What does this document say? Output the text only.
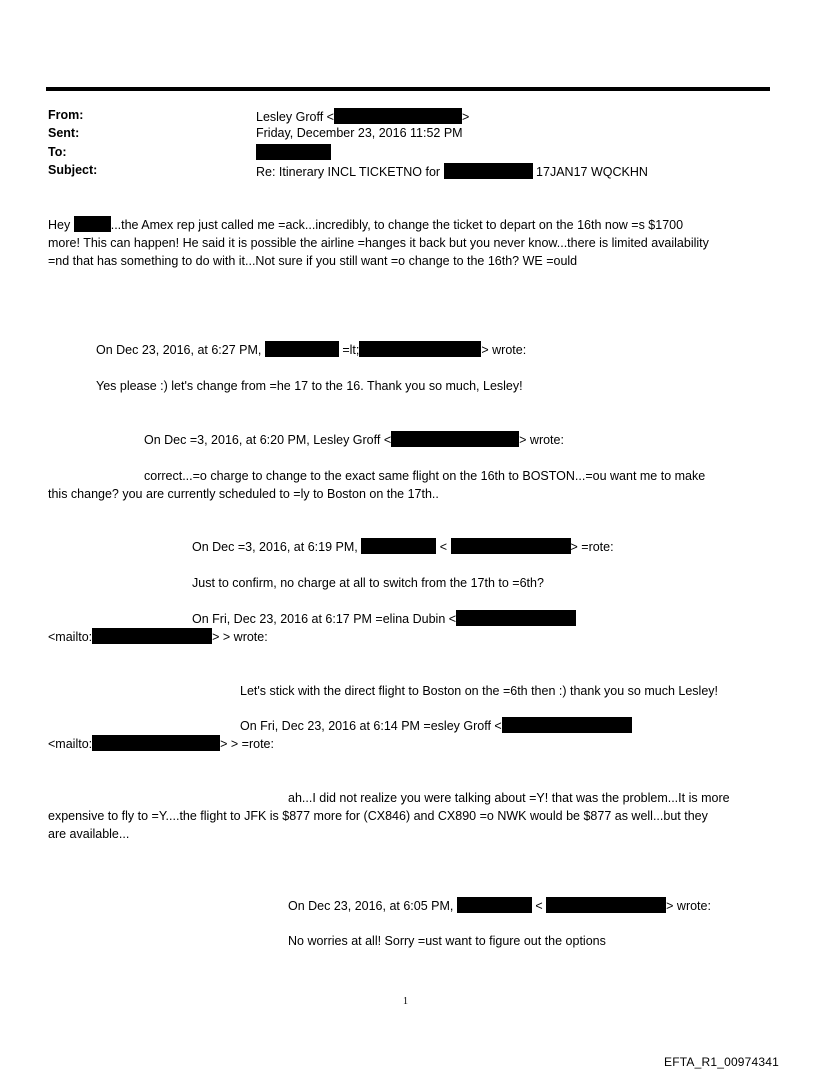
From:	Lesley Groff <	>
Sent:	Friday, December 23, 2016 11:52 PM
To:
Subject:	Re: Itinerary INCL TICKETNO for	17JAN17 WQCKHN
Hey	...the Amex rep just called me =ack...incredibly, to change the ticket to depart on the 16th now =s $1700
more! This can happen! He said it is possible the airline =hanges it back but you never know...there is limited availability
=nd that has something to do with it...Not sure if you still want =o change to the 16th? WE =ould
On Dec 23, 2016, at 6:27 PM,	=lt;	> wrote:
Yes please :) let's change from =he 17 to the 16. Thank you so much, Lesley!
On Dec =3, 2016, at 6:20 PM, Lesley Groff <	> wrote:
correct...=o charge to change to the exact same flight on the 16th to BOSTON...=ou want me to make
this change? you are currently scheduled to =ly to Boston on the 17th..
On Dec =3, 2016, at 6:19 PM,	<	> =rote:
Just to confirm, no charge at all to switch from the 17th to =6th?
On Fri, Dec 23, 2016 at 6:17 PM =elina Dubin <
<mailto:	> > wrote:
Let's stick with the direct flight to Boston on the =6th then :) thank you so much Lesley!
On Fri, Dec 23, 2016 at 6:14 PM =esley Groff <
<mailto:	> > =rote:
ah...I did not realize you were talking about =Y! that was the problem...It is more
expensive to fly to =Y....the flight to JFK is $877 more for (CX846) and CX890 =o NWK would be $877 as well...but they
are available...
On Dec 23, 2016, at 6:05 PM,	<	> wrote:
No worries at all! Sorry =ust want to figure out the options
1
EFTA_R1_00974341
